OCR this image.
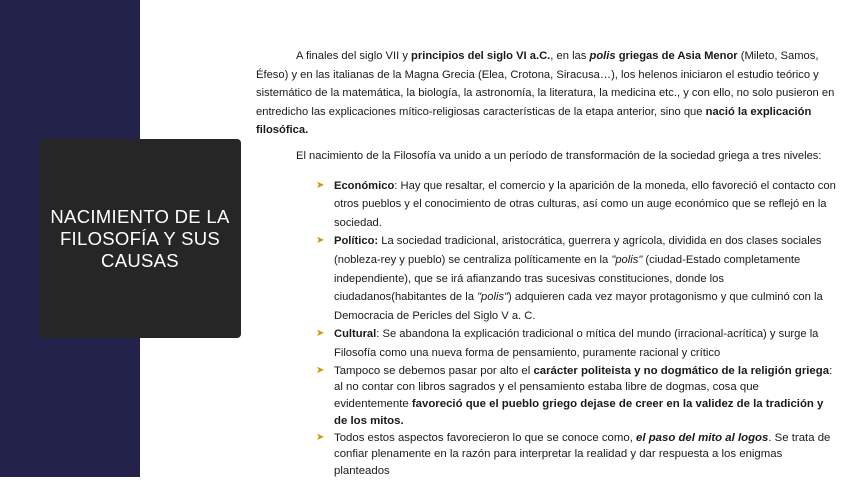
NACIMIENTO DE LA FILOSOFÍA Y SUS CAUSAS

A finales del siglo VII y principios del siglo VI a.C., en las polis griegas de Asia Menor (Mileto, Samos, Éfeso) y en las italianas de la Magna Grecia (Elea, Crotona, Siracusa…), los helenos iniciaron el estudio teórico y sistemático de la matemática, la biología, la astronomía, la literatura, la medicina etc., y con ello, no solo pusieron en entredicho las explicaciones mítico-religiosas características de la etapa anterior, sino que nació la explicación filosófica.

El nacimiento de la Filosofía va unido a un período de transformación de la sociedad griega a tres niveles:

➤ Económico: Hay que resaltar, el comercio y la aparición de la moneda, ello favoreció el contacto con otros pueblos y el conocimiento de otras culturas, así como un auge económico que se reflejó en la sociedad.
➤ Político: La sociedad tradicional, aristocrática, guerrera y agrícola, dividida en dos clases sociales (nobleza-rey y pueblo) se centraliza políticamente en la "polis" (ciudad-Estado completamente independiente), que se irá afianzando tras sucesivas constituciones, donde los ciudadanos(habitantes de la "polis") adquieren cada vez mayor protagonismo y que culminó con la Democracia de Pericles del Siglo V a. C.
➤ Cultural: Se abandona la explicación tradicional o mítica del mundo (irracional-acrítica) y surge la Filosofía como una nueva forma de pensamiento, puramente racional y crítico
➤ Tampoco se debemos pasar por alto el carácter politeista y no dogmático de la religión griega: al no contar con libros sagrados y el pensamiento estaba libre de dogmas, cosa que evidentemente favoreció que el pueblo griego dejase de creer en la validez de la tradición y de los mitos.
➤ Todos estos aspectos favorecieron lo que se conoce como, el paso del mito al logos. Se trata de confiar plenamente en la razón para interpretar la realidad y dar respuesta a los enigmas planteados
